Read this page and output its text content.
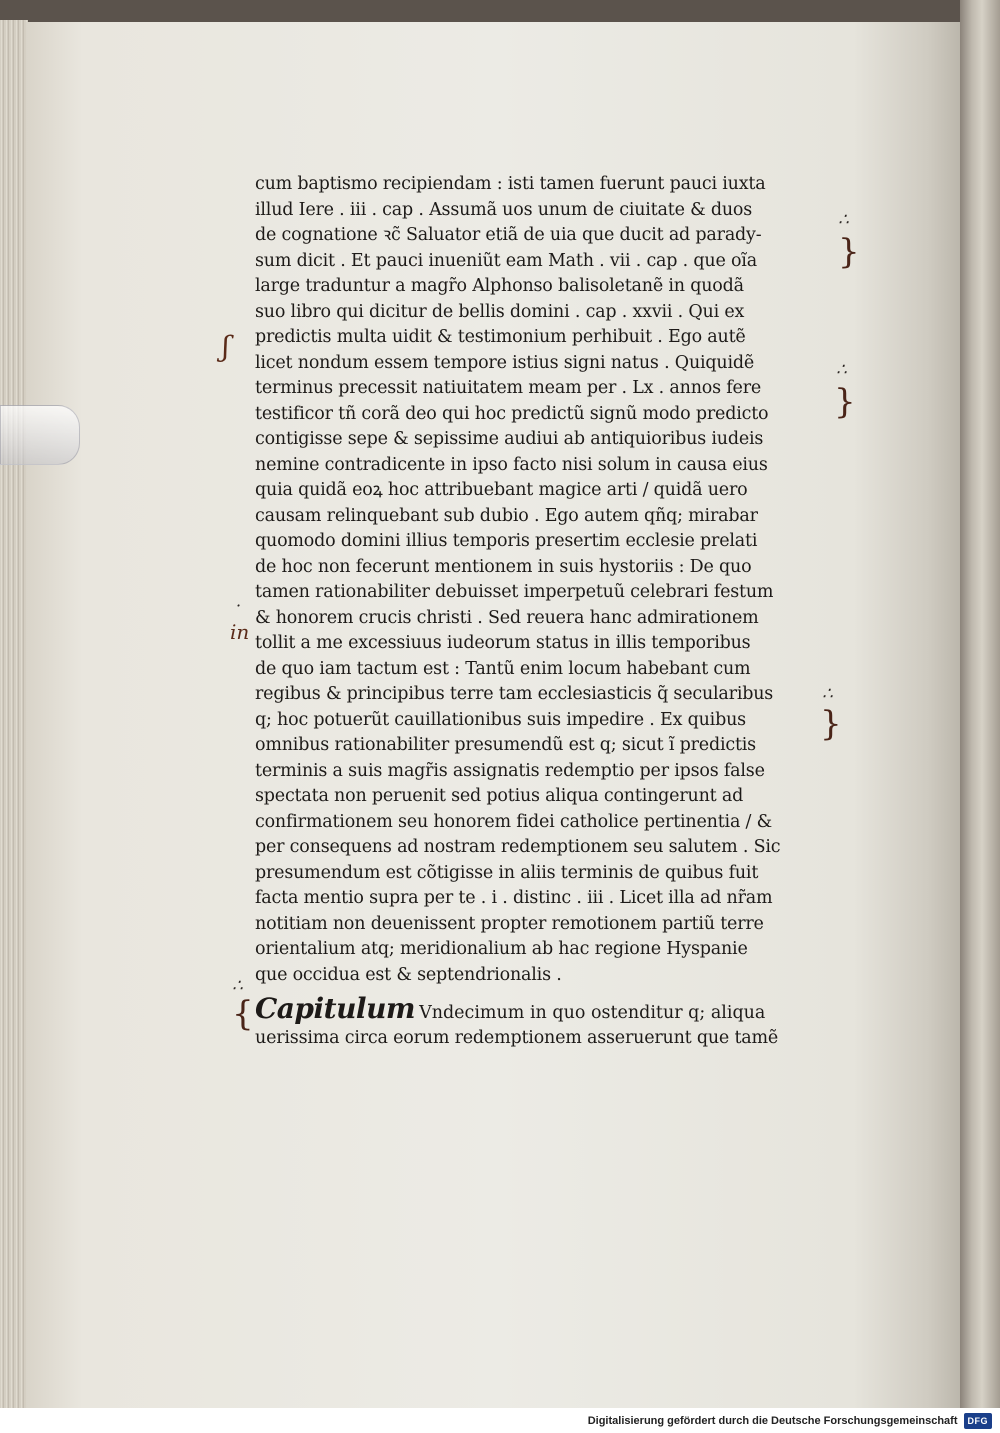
cum baptismo recipiendam : isti tamen fuerunt pauci iuxta
illud Iere . iii . cap . Assumã uos unum de ciuitate & duos
de cognatione ꝛc̃ Saluator etiã de uia que ducit ad parady-
sum dicit . Et pauci inueniũt eam Math . vii . cap . que oĩa
large traduntur a magr̃o Alphonso balisoletanẽ in quodã
suo libro qui dicitur de bellis domini . cap . xxvii . Qui ex
predictis multa uidit & testimonium perhibuit . Ego autẽ
licet nondum essem tempore istius signi natus . Quiquidẽ
terminus precessit natiuitatem meam per . Lx . annos fere
testificor tñ corã deo qui hoc predictũ signũ modo predicto
contigisse sepe & sepissime audiui ab antiquioribus iudeis
nemine contradicente in ipso facto nisi solum in causa eius
quia quidã eoꝝ hoc attribuebant magice arti / quidã uero
causam relinquebant sub dubio . Ego autem qñq; mirabar
quomodo domini illius temporis presertim ecclesie prelati
de hoc non fecerunt mentionem in suis hystoriis : De quo
tamen rationabiliter debuisset imperpetuũ celebrari festum
& honorem crucis christi . Sed reuera hanc admirationem
tollit a me excessiuus iudeorum status in illis temporibus
de quo iam tactum est : Tantũ enim locum habebant cum
regibus & principibus terre tam ecclesiasticis q̃ secularibus
q; hoc potuerũt cauillationibus suis impedire . Ex quibus
omnibus rationabiliter presumendũ est q; sicut ĩ predictis
terminis a suis magr̃is assignatis redemptio per ipsos false
spectata non peruenit sed potius aliqua contingerunt ad
confirmationem seu honorem fidei catholice pertinentia / &
per consequens ad nostram redemptionem seu salutem . Sic
presumendum est cõtigisse in aliis terminis de quibus fuit
facta mentio supra per te . i . distinc . iii . Licet illa ad nr̃am
notitiam non deuenissent propter remotionem partiũ terre
orientalium atq; meridionalium ab hac regione Hyspanie
que occidua est & septendrionalis .
Capitulum Vndecimum in quo ostenditur q; aliqua
uerissima circa eorum redemptionem asseruerunt que tamẽ
ʃ
·
in
∴
}
∴
}
∴
}
∴
{
Digitalisierung gefördert durch die Deutsche Forschungsgemeinschaft	DFG
